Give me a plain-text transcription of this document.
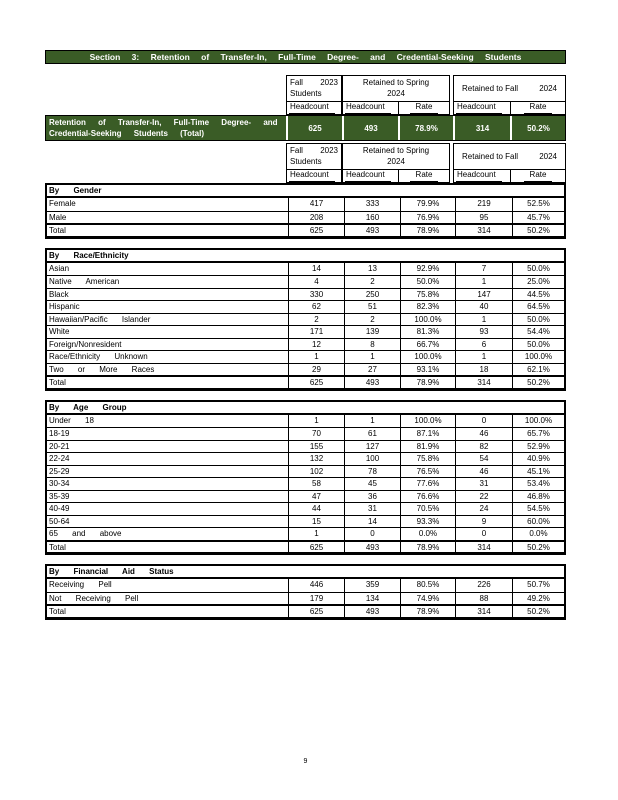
Section 3: Retention of Transfer-In, Full-Time Degree- and Credential-Seeking Students
Fall 2023
Students
Headcount
Retained to Spring
2024
Headcount	Rate
Retained to Fall	2024
Headcount	Rate
Retention of Transfer-In, Full-Time Degree- and Credential-Seeking Students (Total)
625	493	78.9%	314	50.2%
Fall 2023
Students
Headcount
Retained to Spring
2024
Headcount	Rate
Retained to Fall	2024
Headcount	Rate
By Gender
Female	417	333	79.9%	219	52.5%
Male	208	160	76.9%	95	45.7%
Total	625	493	78.9%	314	50.2%
By Race/Ethnicity
Asian	14	13	92.9%	7	50.0%
Native American	4	2	50.0%	1	25.0%
Black	330	250	75.8%	147	44.5%
Hispanic	62	51	82.3%	40	64.5%
Hawaiian/Pacific Islander	2	2	100.0%	1	50.0%
White	171	139	81.3%	93	54.4%
Foreign/Nonresident	12	8	66.7%	6	50.0%
Race/Ethnicity Unknown	1	1	100.0%	1	100.0%
Two or More Races	29	27	93.1%	18	62.1%
Total	625	493	78.9%	314	50.2%
By Age Group
Under 18	1	1	100.0%	0	100.0%
18-19	70	61	87.1%	46	65.7%
20-21	155	127	81.9%	82	52.9%
22-24	132	100	75.8%	54	40.9%
25-29	102	78	76.5%	46	45.1%
30-34	58	45	77.6%	31	53.4%
35-39	47	36	76.6%	22	46.8%
40-49	44	31	70.5%	24	54.5%
50-64	15	14	93.3%	9	60.0%
65 and above	1	0	0.0%	0	0.0%
Total	625	493	78.9%	314	50.2%
By Financial Aid Status
Receiving Pell	446	359	80.5%	226	50.7%
Not Receiving Pell	179	134	74.9%	88	49.2%
Total	625	493	78.9%	314	50.2%
9
